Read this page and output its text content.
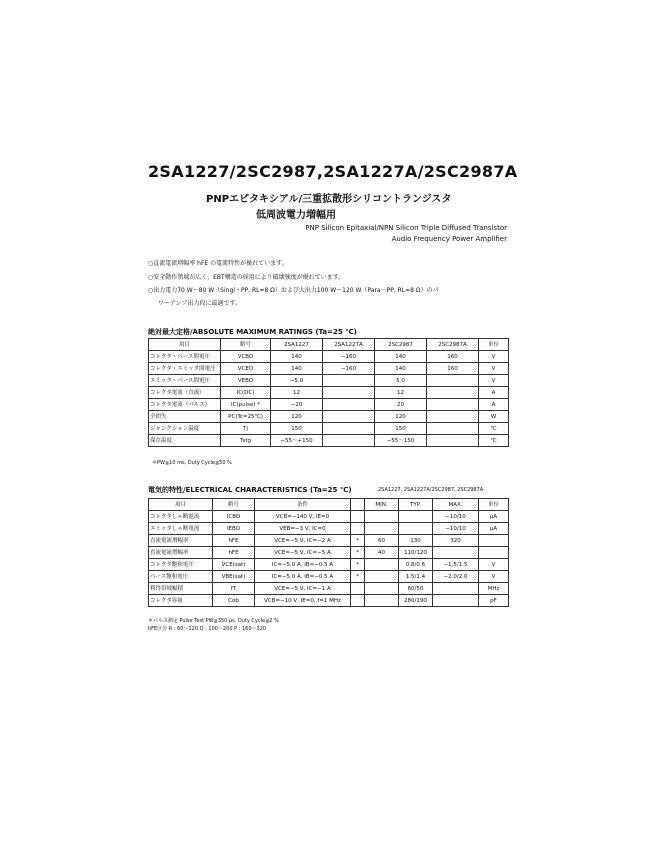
2SA1227/2SC2987,2SA1227A/2SC2987A
PNPエピタキシアル/三重拡散形シリコントランジスタ
低周波電力増幅用
PNP Silicon Epitaxial/NPN Silicon Triple Diffused Transistor
Audio Frequency Power Amplifier
○直流電流増幅率 hFE の電流特性が優れています。
○安全動作領域が広く、EBT構造の採用により破壊強度が優れています。
○出力電力70 W～80 W（Singl・PP, RL=8 Ω）および大出力100 W～120 W（Para－PP, RL=8 Ω）のパ
ワーアンプ出力段に最適です。
絶対最大定格/ABSOLUTE MAXIMUM RATINGS (Ta=25 ℃)
項目	略号	2SA1227	2SA1227A	2SC2987	2SC2987A	単位
コレクタ・ベース間電圧	VCBO	140	−160	140	160	V
コレクタ・エミッタ間電圧	VCEO	140	−160	140	160	V
エミッタ・ベース間電圧	VEBO	−5.0		5.0		V
コレクタ電流（直流）	IC(DC)	12		12		A
コレクタ電流（パルス）	IC(pulse) *	−20		20		A
全損失	PC(Tc=25℃)	120		120		W
ジャンクション温度	Tj	150		150		℃
保存温度	Tstg	−55～+150		−55～150		℃
＊PW≦10 ms, Duty Cycle≦50 %
電気的特性/ELECTRICAL CHARACTERISTICS (Ta=25 ℃)	2SA1227, 2SA1227A/2SC2987, 2SC2987A
項目	略号	条件		MIN.	TYP.	MAX.	単位
コレクタしゃ断電流	ICBO	VCB=−140 V, IE=0				−10/10	μA
エミッタしゃ断電流	IEBO	VEB=−3 V, IC=0				−10/10	μA
直流電流増幅率	hFE	VCE=−5 V, IC=−2 A	*	60	130	320	
直流電流増幅率	hFE	VCE=−5 V, IC=−5 A	*	40	110/120		
コレクタ飽和電圧	VCE(sat)	IC=−5.0 A, IB=−0.5 A	*		0.8/0.6	−1.5/1.5	V
ベース飽和電圧	VBE(sat)	IC=−5.0 A, IB=−0.5 A	*		1.5/1.4	−2.0/2.0	V
利得帯域幅積	fT	VCE=−5 V, IC=−1 A			60/50		MHz
コレクタ容量	Cob	VCB=−10 V, IE=0, f=1 MHz			280/190		pF
＊パルス測定 Pulse Test PW≦350 μs, Duty Cycle≦2 %
hFE区分 R : 60～120 Q : 100～200 P : 160～320
